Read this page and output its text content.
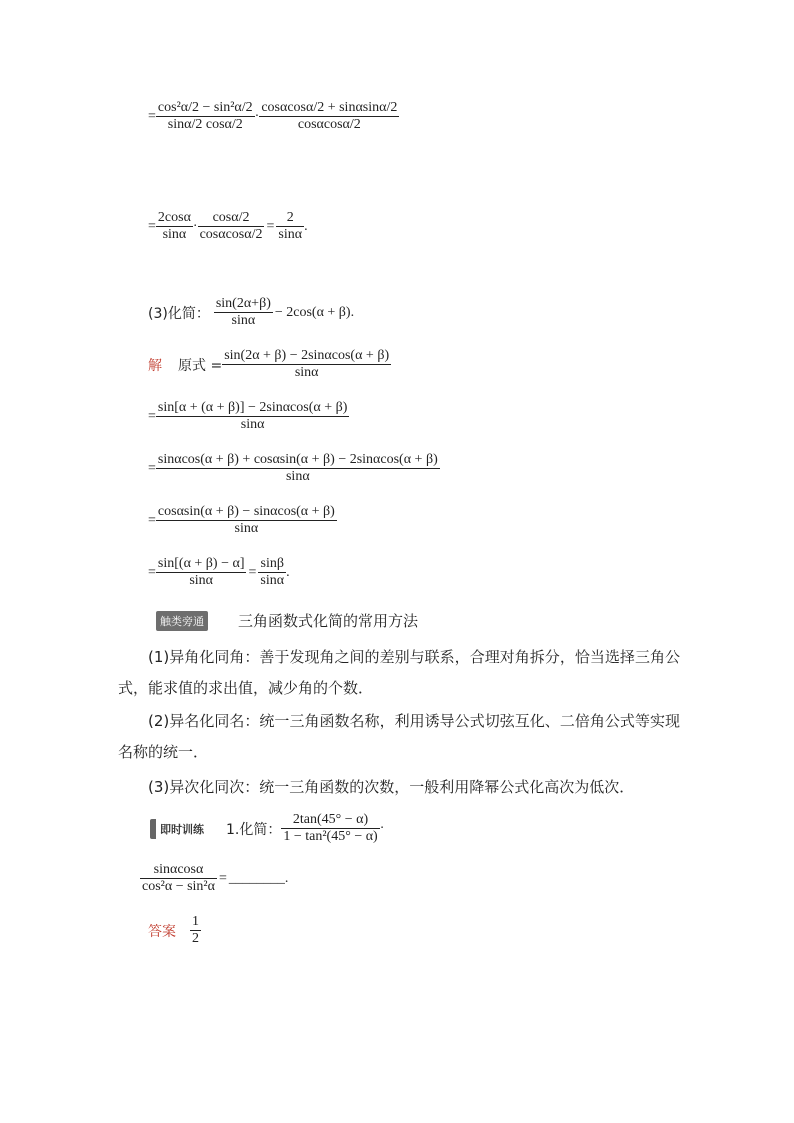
=
cos²α/2 − sin²α/2
sinα/2 cosα/2
·
cosαcosα/2 + sinαsinα/2
cosαcosα/2
=
2cosα
sinα
·
cosα/2
cosαcosα/2
=
2
sinα
.
(3)化简：
sin(2α+β)
sinα
− 2cos(α + β).
解 原式 =
sin(2α + β) − 2sinαcos(α + β)
sinα
=
sin[α + (α + β)] − 2sinαcos(α + β)
sinα
=
sinαcos(α + β) + cosαsin(α + β) − 2sinαcos(α + β)
sinα
=
cosαsin(α + β) − sinαcos(α + β)
sinα
=
sin[(α + β) − α]
sinα
=
sinβ
sinα
.
触类旁通 三角函数式化简的常用方法
(1)异角化同角：善于发现角之间的差别与联系，合理对角拆分，恰当选择三角公式，能求值的求出值，减少角的个数．
(2)异名化同名：统一三角函数名称，利用诱导公式切弦互化、二倍角公式等实现名称的统一．
(3)异次化同次：统一三角函数的次数，一般利用降幂公式化高次为低次．
即时训练 1.化简：
2tan(45° − α)
1 − tan²(45° − α)
·
sinαcosα
cos²α − sin²α
= ________ .
答案
1
2
